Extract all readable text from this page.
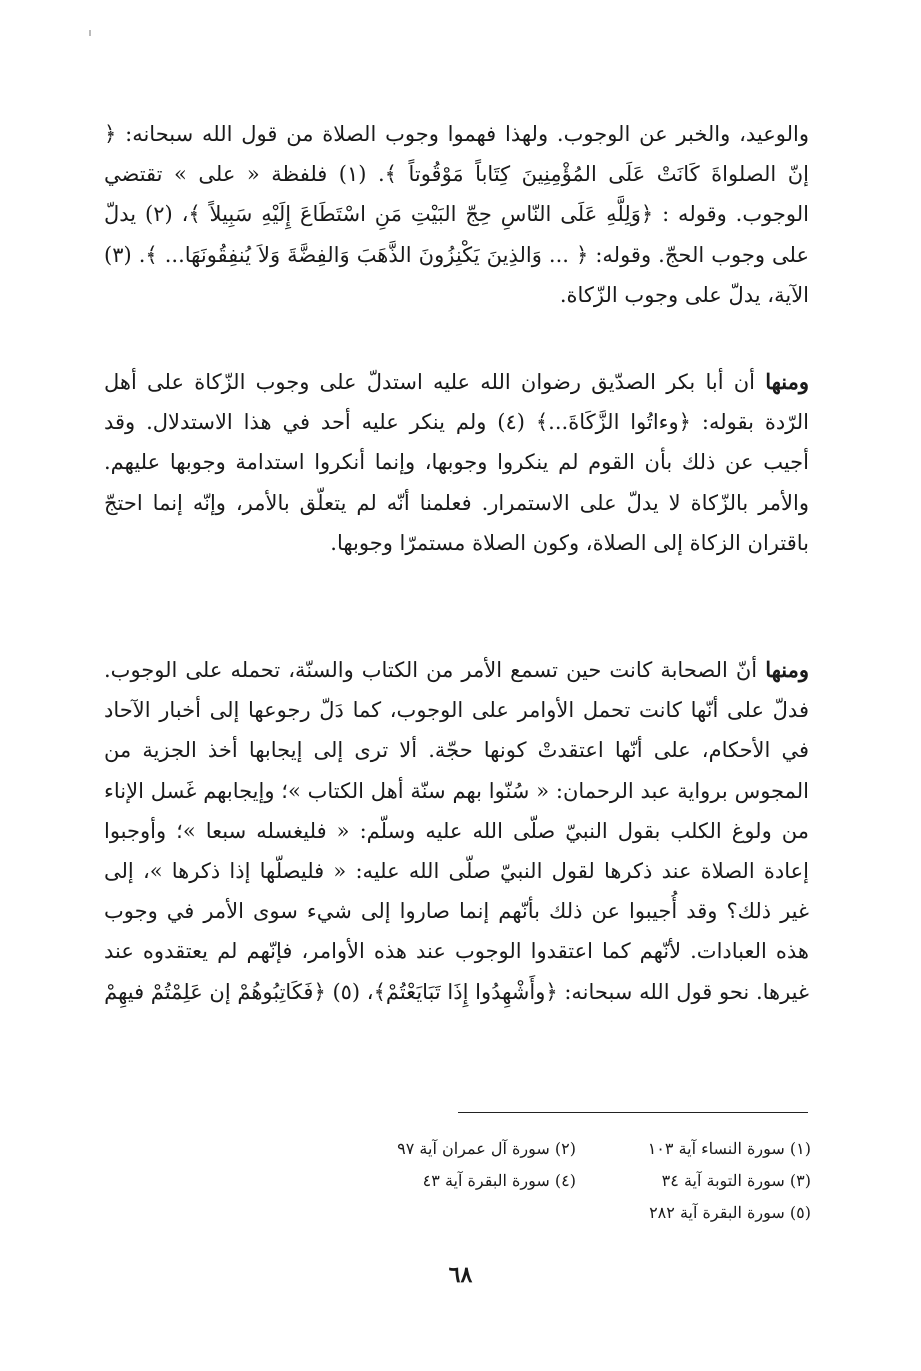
والوعيد، والخبر عن الوجوب. ولهذا فهموا وجوب الصلاة من قول الله سبحانه: ﴿ إنّ الصلواةَ كَانَتْ عَلَى المُؤْمِنِينَ كِتَاباً مَوْقُوتاً ﴾. (١) فلفظة « على » تقتضي الوجوب. وقوله : ﴿وَلِلَّهِ عَلَى النّاسِ حِجّ البَيْتِ مَنِ اسْتَطَاعَ إِلَيْهِ سَبِيلاً ﴾، (٢) يدلّ على وجوب الحجّ. وقوله: ﴿ ... وَالذِينَ يَكْنِزُونَ الذَّهَبَ وَالفِضَّةَ وَلاَ يُنفِقُونَهَا... ﴾. (٣) الآية، يدلّ على وجوب الزّكاة.

ومنها أن أبا بكر الصدّيق رضوان الله عليه استدلّ على وجوب الزّكاة على أهل الرّدة بقوله: ﴿وءاتُوا الزَّكَاةَ...﴾ (٤) ولم ينكر عليه أحد في هذا الاستدلال. وقد أجيب عن ذلك بأن القوم لم ينكروا وجوبها، وإنما أنكروا استدامة وجوبها عليهم. والأمر بالزّكاة لا يدلّ على الاستمرار. فعلمنا أنّه لم يتعلّق بالأمر، وإنّه إنما احتجّ باقتران الزكاة إلى الصلاة، وكون الصلاة مستمرّا وجوبها.

ومنها أنّ الصحابة كانت حين تسمع الأمر من الكتاب والسنّة، تحمله على الوجوب. فدلّ على أنّها كانت تحمل الأوامر على الوجوب، كما دَلّ رجوعها إلى أخبار الآحاد في الأحكام، على أنّها اعتقدتْ كونها حجّة. ألا ترى إلى إيجابها أخذ الجزية من المجوس برواية عبد الرحمان: « سُنّوا بهم سنّة أهل الكتاب »؛ وإيجابهم غَسل الإناء من ولوغ الكلب بقول النبيّ صلّى الله عليه وسلّم: « فليغسله سبعا »؛ وأوجبوا إعادة الصلاة عند ذكرها لقول النبيّ صلّى الله عليه: « فليصلّها إذا ذكرها »، إلى غير ذلك؟ وقد أُجيبوا عن ذلك بأنّهم إنما صاروا إلى شيء سوى الأمر في وجوب هذه العبادات. لأنّهم كما اعتقدوا الوجوب عند هذه الأوامر، فإنّهم لم يعتقدوه عند غيرها. نحو قول الله سبحانه: ﴿وأَشْهِدُوا إِذَا تَبَايَعْتُمْ﴾، (٥) ﴿فَكَاتِبُوهُمْ إن عَلِمْتُمْ فيهِمْ

(١) سورة النساء آية ١٠٣
(٢) سورة آل عمران آية ٩٧
(٣) سورة التوبة آية ٣٤
(٤) سورة البقرة آية ٤٣
(٥) سورة البقرة آية ٢٨٢
٦٨
